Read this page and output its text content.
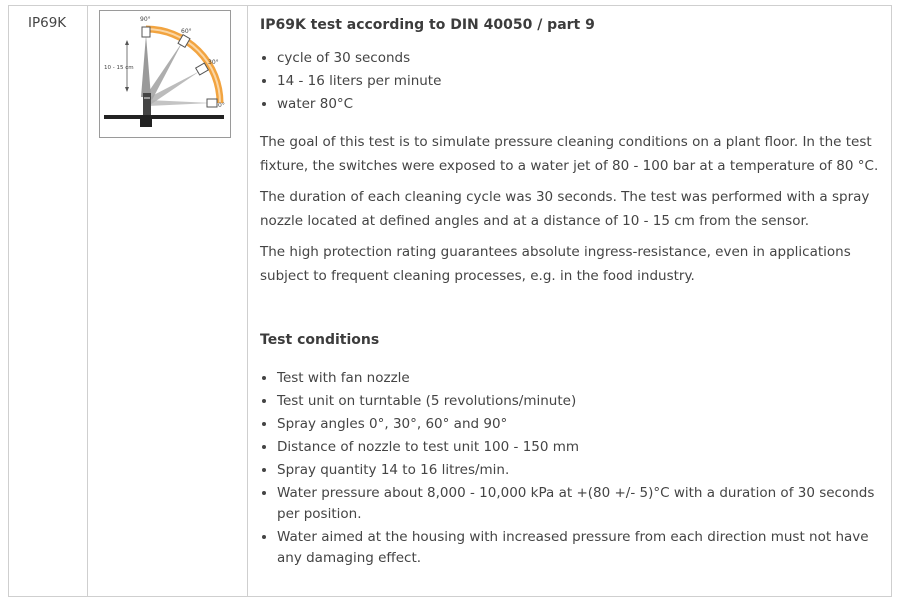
IP69K

10 - 15 cm
90°
60°
30°
0°

IP69K test according to DIN 40050 / part 9
• cycle of 30 seconds
• 14 - 16 liters per minute
• water 80°C

The goal of this test is to simulate pressure cleaning conditions on a plant floor. In the test fixture, the switches were exposed to a water jet of 80 - 100 bar at a temperature of 80 °C.

The duration of each cleaning cycle was 30 seconds. The test was performed with a spray nozzle located at defined angles and at a distance of 10 - 15 cm from the sensor.

The high protection rating guarantees absolute ingress-resistance, even in applications subject to frequent cleaning processes, e.g. in the food industry.

Test conditions
• Test with fan nozzle
• Test unit on turntable (5 revolutions/minute)
• Spray angles 0°, 30°, 60° and 90°
• Distance of nozzle to test unit 100 - 150 mm
• Spray quantity 14 to 16 litres/min.
• Water pressure about 8,000 - 10,000 kPa at +(80 +/- 5)°C with a duration of 30 seconds per position.
• Water aimed at the housing with increased pressure from each direction must not have any damaging effect.
